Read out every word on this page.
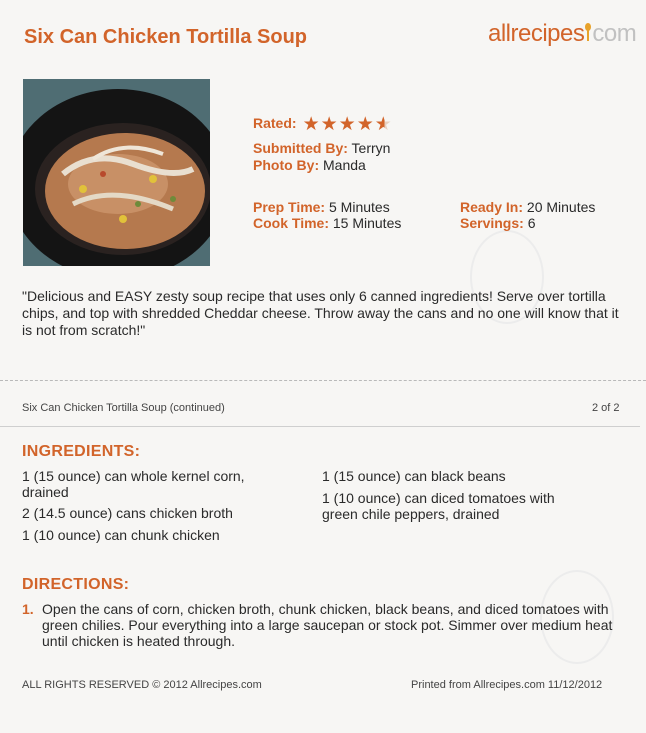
Six Can Chicken Tortilla Soup	allrecipes com
Rated: ★ ★ ★ ★ ★
Submitted By: Terryn
Photo By: Manda
Prep Time: 5 Minutes
Cook Time: 15 Minutes
Ready In: 20 Minutes
Servings: 6

"Delicious and EASY zesty soup recipe that uses only 6 canned ingredients! Serve over tortilla chips, and top with shredded Cheddar cheese. Throw away the cans and no one will know that it is not from scratch!"

Six Can Chicken Tortilla Soup (continued)	2 of 2
INGREDIENTS:
1 (15 ounce) can whole kernel corn, drained
2 (14.5 ounce) cans chicken broth
1 (10 ounce) can chunk chicken
1 (15 ounce) can black beans
1 (10 ounce) can diced tomatoes with green chile peppers, drained
DIRECTIONS:
1. Open the cans of corn, chicken broth, chunk chicken, black beans, and diced tomatoes with green chilies. Pour everything into a large saucepan or stock pot. Simmer over medium heat until chicken is heated through.
ALL RIGHTS RESERVED © 2012 Allrecipes.com	Printed from Allrecipes.com 11/12/2012
